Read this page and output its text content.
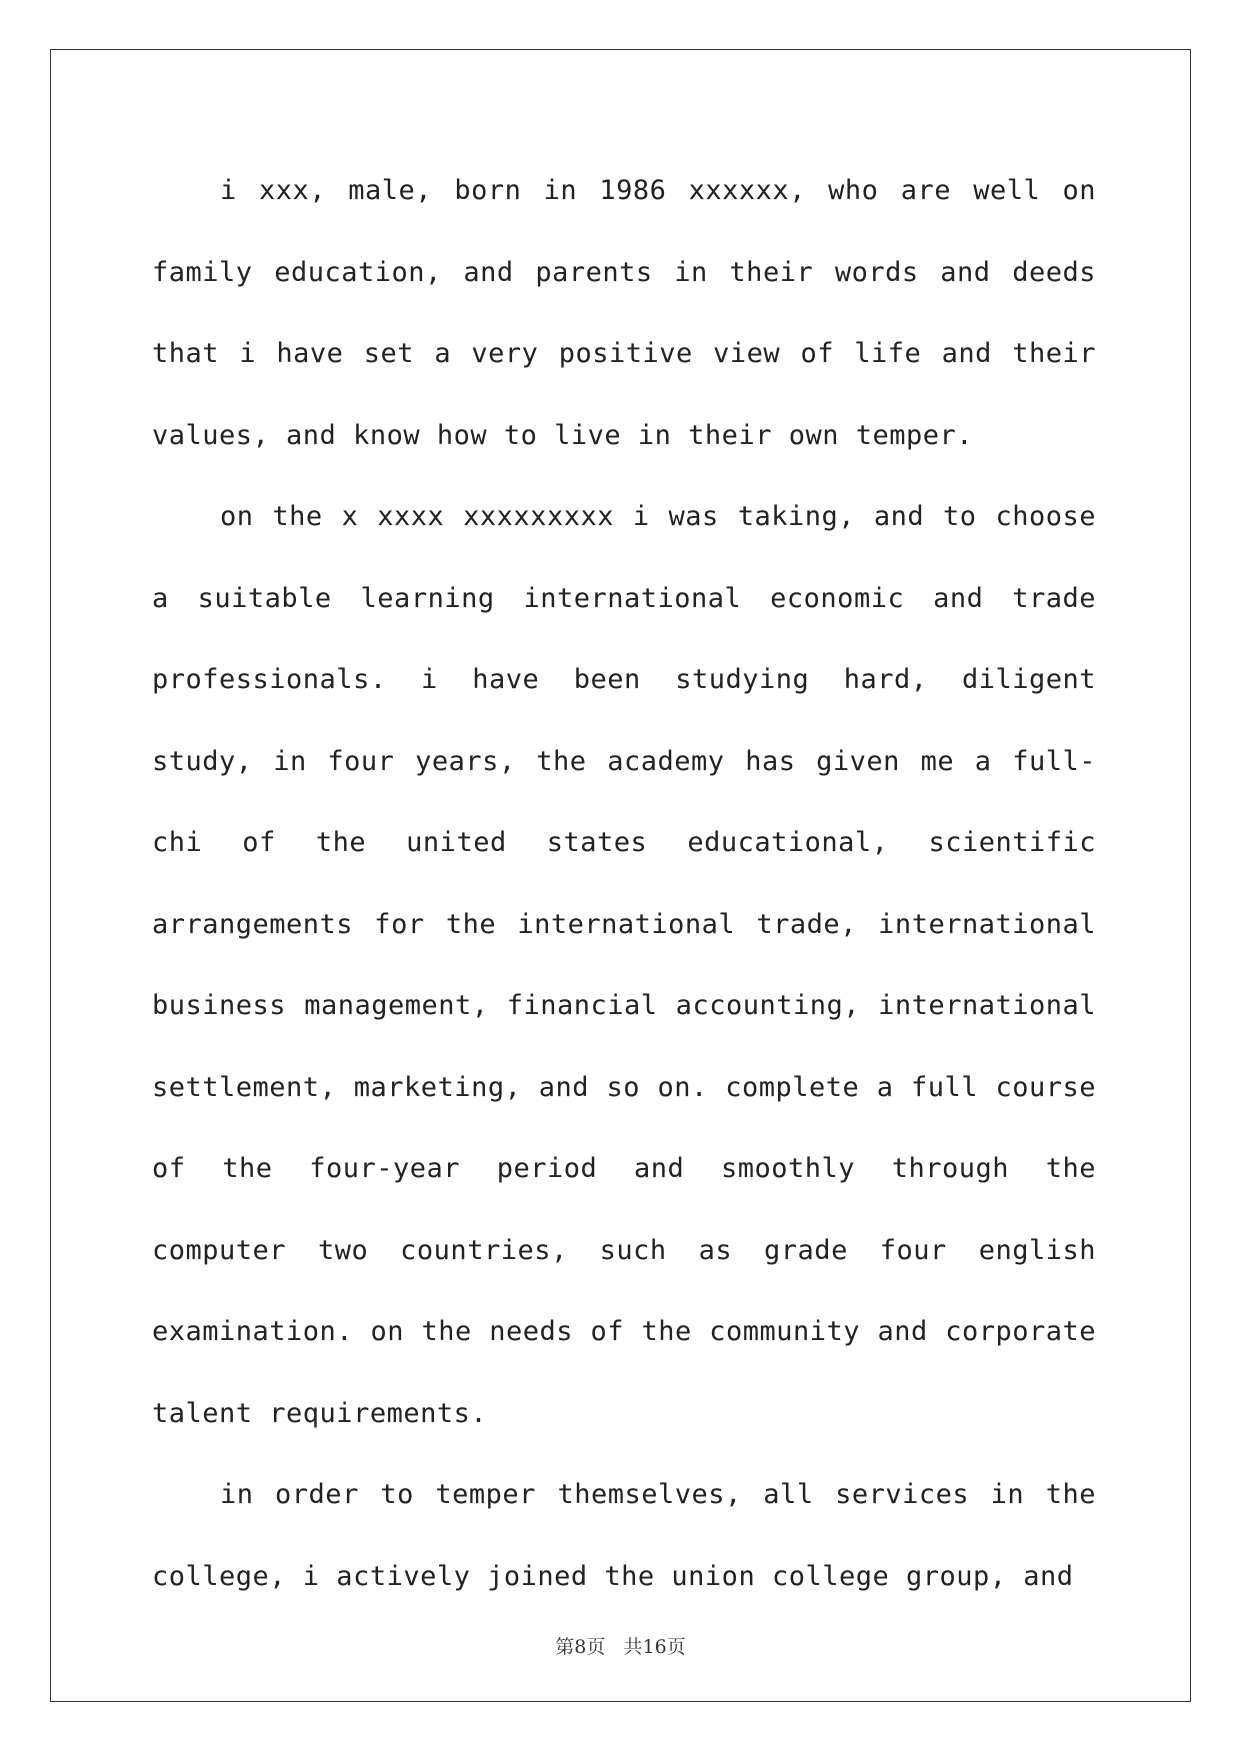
i xxx, male, born in 1986 xxxxxx, who are well on family education, and parents in their words and deeds that i have set a very positive view of life and their values, and know how to live in their own temper.

on the x xxxx xxxxxxxxx i was taking, and to choose a suitable learning international economic and trade professionals. i have been studying hard, diligent study, in four years, the academy has given me a full-chi of the united states educational, scientific arrangements for the international trade, international business management, financial accounting, international settlement, marketing, and so on. complete a full course of the four-year period and smoothly through the computer two countries, such as grade four english examination. on the needs of the community and corporate talent requirements.

in order to temper themselves, all services in the college, i actively joined the union college group, and

第8页 共16页
